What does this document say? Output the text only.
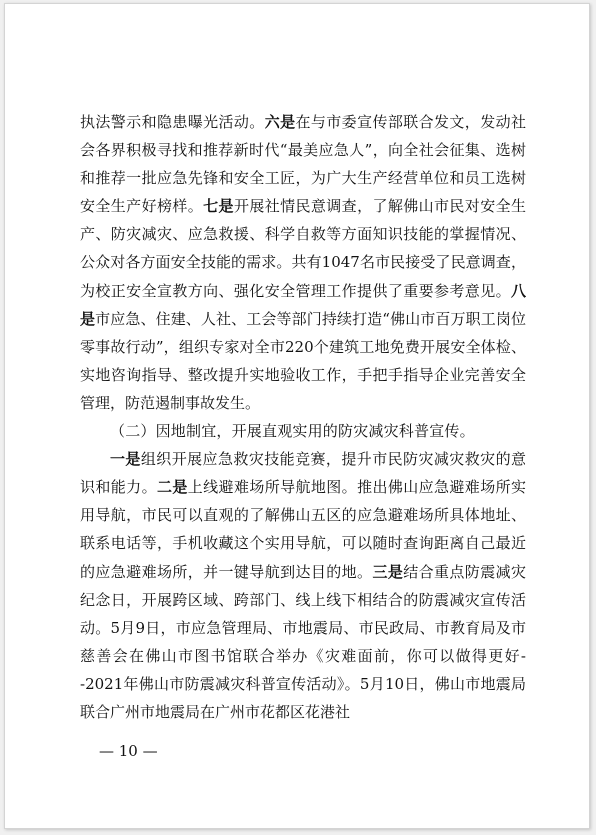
执法警示和隐患曝光活动。六是在与市委宣传部联合发文，发动社会各界积极寻找和推荐新时代“最美应急人”，向全社会征集、选树和推荐一批应急先锋和安全工匠，为广大生产经营单位和员工选树安全生产好榜样。七是开展社情民意调查，了解佛山市民对安全生产、防灾减灾、应急救援、科学自救等方面知识技能的掌握情况、公众对各方面安全技能的需求。共有1047名市民接受了民意调查，为校正安全宣教方向、强化安全管理工作提供了重要参考意见。八是市应急、住建、人社、工会等部门持续打造“佛山市百万职工岗位零事故行动”，组织专家对全市220个建筑工地免费开展安全体检、实地咨询指导、整改提升实地验收工作，手把手指导企业完善安全管理，防范遏制事故发生。

（二）因地制宜，开展直观实用的防灾减灾科普宣传。

一是组织开展应急救灾技能竞赛，提升市民防灾减灾救灾的意识和能力。二是上线避难场所导航地图。推出佛山应急避难场所实用导航，市民可以直观的了解佛山五区的应急避难场所具体地址、联系电话等，手机收藏这个实用导航，可以随时查询距离自己最近的应急避难场所，并一键导航到达目的地。三是结合重点防震减灾纪念日，开展跨区域、跨部门、线上线下相结合的防震减灾宣传活动。5月9日，市应急管理局、市地震局、市民政局、市教育局及市慈善会在佛山市图书馆联合举办《灾难面前，你可以做得更好--2021年佛山市防震减灾科普宣传活动》。5月10日，佛山市地震局联合广州市地震局在广州市花都区花港社

— 10 —
